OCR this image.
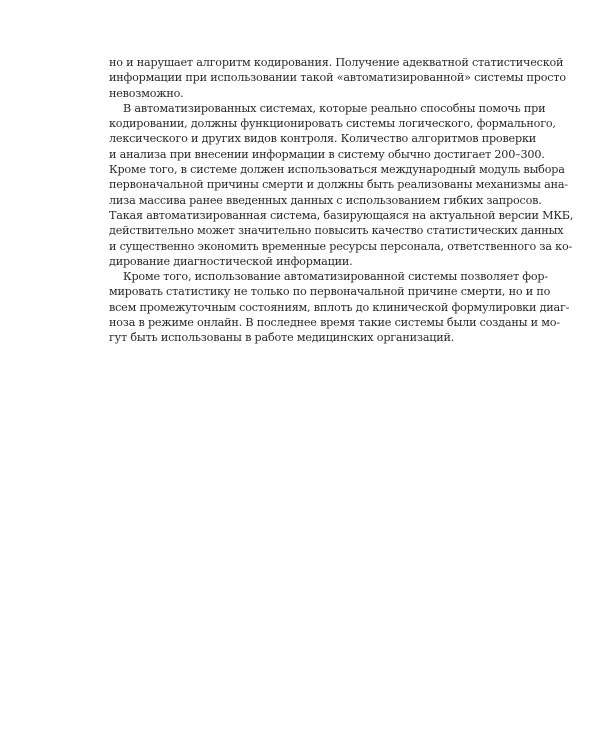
но и нарушает алгоритм кодирования. Получение адекватной статистической
информации при использовании такой «автоматизированной» системы просто
невозможно.

В автоматизированных системах, которые реально способны помочь при
кодировании, должны функционировать системы логического, формального,
лексического и других видов контроля. Количество алгоритмов проверки
и анализа при внесении информации в систему обычно достигает 200–300.
Кроме того, в системе должен использоваться международный модуль выбора
первоначальной причины смерти и должны быть реализованы механизмы ана-
лиза массива ранее введенных данных с использованием гибких запросов.
Такая автоматизированная система, базирующаяся на актуальной версии МКБ,
действительно может значительно повысить качество статистических данных
и существенно экономить временные ресурсы персонала, ответственного за ко-
дирование диагностической информации.

Кроме того, использование автоматизированной системы позволяет фор-
мировать статистику не только по первоначальной причине смерти, но и по
всем промежуточным состояниям, вплоть до клинической формулировки диаг-
ноза в режиме онлайн. В последнее время такие системы были созданы и мо-
гут быть использованы в работе медицинских организаций.
